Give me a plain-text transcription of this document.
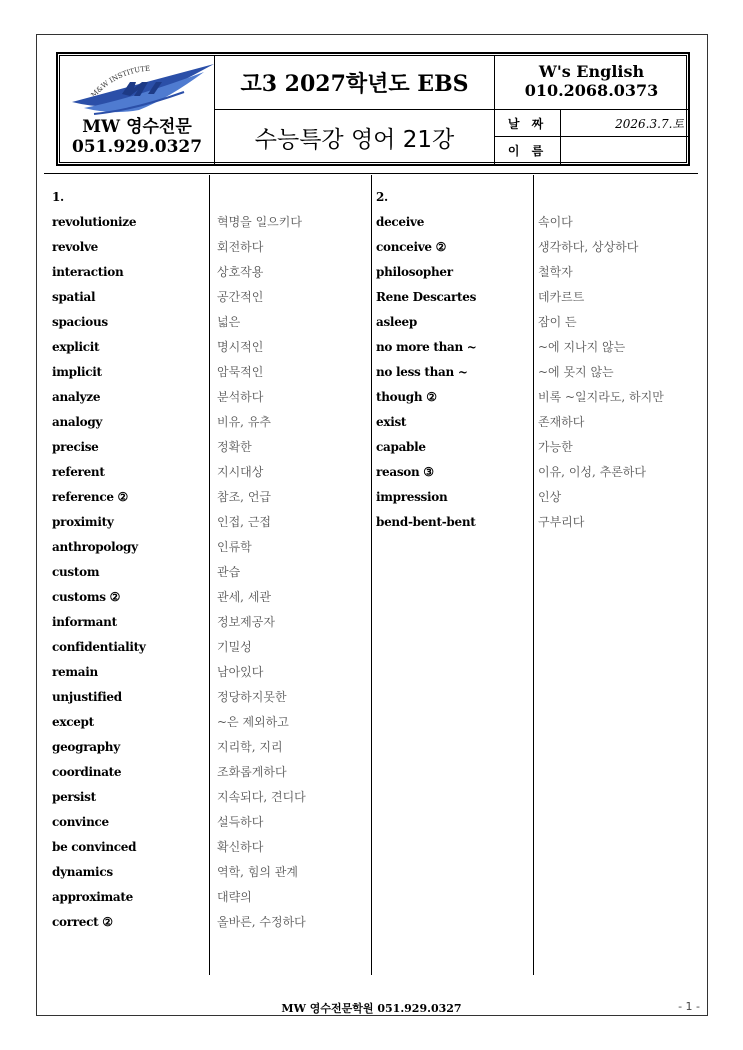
M&W INSTITUTE
MW 영수전문
051.929.0327
고3 2027학년도 EBS
수능특강 영어 21강
W's English
010.2068.0373
날 짜	2026.3.7.토
이 름
1.
revolutionize
revolve
interaction
spatial
spacious
explicit
implicit
analyze
analogy
precise
referent
reference ②
proximity
anthropology
custom
customs ②
informant
confidentiality
remain
unjustified
except
geography
coordinate
persist
convince
be convinced
dynamics
approximate
correct ②
혁명을 일으키다
회전하다
상호작용
공간적인
넓은
명시적인
암묵적인
분석하다
비유, 유추
정확한
지시대상
참조, 언급
인접, 근접
인류학
관습
관세, 세관
정보제공자
기밀성
남아있다
정당하지못한
~은 제외하고
지리학, 지리
조화롭게하다
지속되다, 견디다
설득하다
확신하다
역학, 힘의 관계
대략의
올바른, 수정하다
2.
deceive
conceive ②
philosopher
Rene Descartes
asleep
no more than ~
no less than ~
though ②
exist
capable
reason ③
impression
bend-bent-bent
속이다
생각하다, 상상하다
철학자
데카르트
잠이 든
~에 지나지 않는
~에 못지 않는
비록 ~일지라도, 하지만
존재하다
가능한
이유, 이성, 추론하다
인상
구부리다
MW 영수전문학원 051.929.0327	- 1 -
